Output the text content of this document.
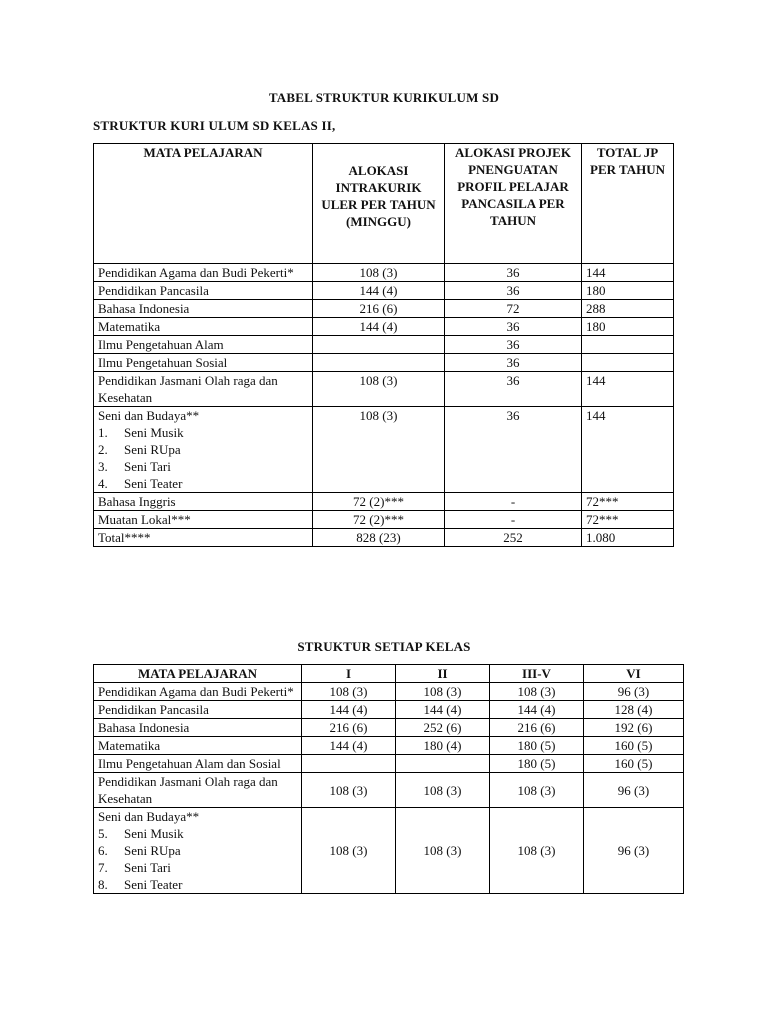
TABEL STRUKTUR KURIKULUM SD
STRUKTUR KURI ULUM SD KELAS II,
MATA PELAJARAN	ALOKASI INTRAKURIK ULER PER TAHUN (MINGGU)	ALOKASI PROJEK PNENGUATAN PROFIL PELAJAR PANCASILA PER TAHUN	TOTAL JP PER TAHUN

Pendidikan Agama dan Budi Pekerti*	108 (3)	36	144

Pendidikan Pancasila	144 (4)	36	180

Bahasa Indonesia	216 (6)	72	288

Matematika	144 (4)	36	180

Ilmu Pengetahuan Alam		36	

Ilmu Pengetahuan Sosial		36	

Pendidikan Jasmani Olah raga dan Kesehatan	108 (3)	36	144

Seni dan Budaya**
1. Seni Musik
2. Seni RUpa
3. Seni Tari
4. Seni Teater	108 (3)	36	144

Bahasa Inggris	72 (2)***	-	72***

Muatan Lokal***	72 (2)***	-	72***

Total****	828 (23)	252	1.080
STRUKTUR SETIAP KELAS
MATA PELAJARAN	I	II	III-V	VI

Pendidikan Agama dan Budi Pekerti*	108 (3)	108 (3)	108 (3)	96 (3)

Pendidikan Pancasila	144 (4)	144 (4)	144 (4)	128 (4)

Bahasa Indonesia	216 (6)	252 (6)	216 (6)	192 (6)

Matematika	144 (4)	180 (4)	180 (5)	160 (5)

Ilmu Pengetahuan Alam dan Sosial			180 (5)	160 (5)

Pendidikan Jasmani Olah raga dan Kesehatan	108 (3)	108 (3)	108 (3)	96 (3)

Seni dan Budaya**
5. Seni Musik
6. Seni RUpa
7. Seni Tari
8. Seni Teater	108 (3)	108 (3)	108 (3)	96 (3)
